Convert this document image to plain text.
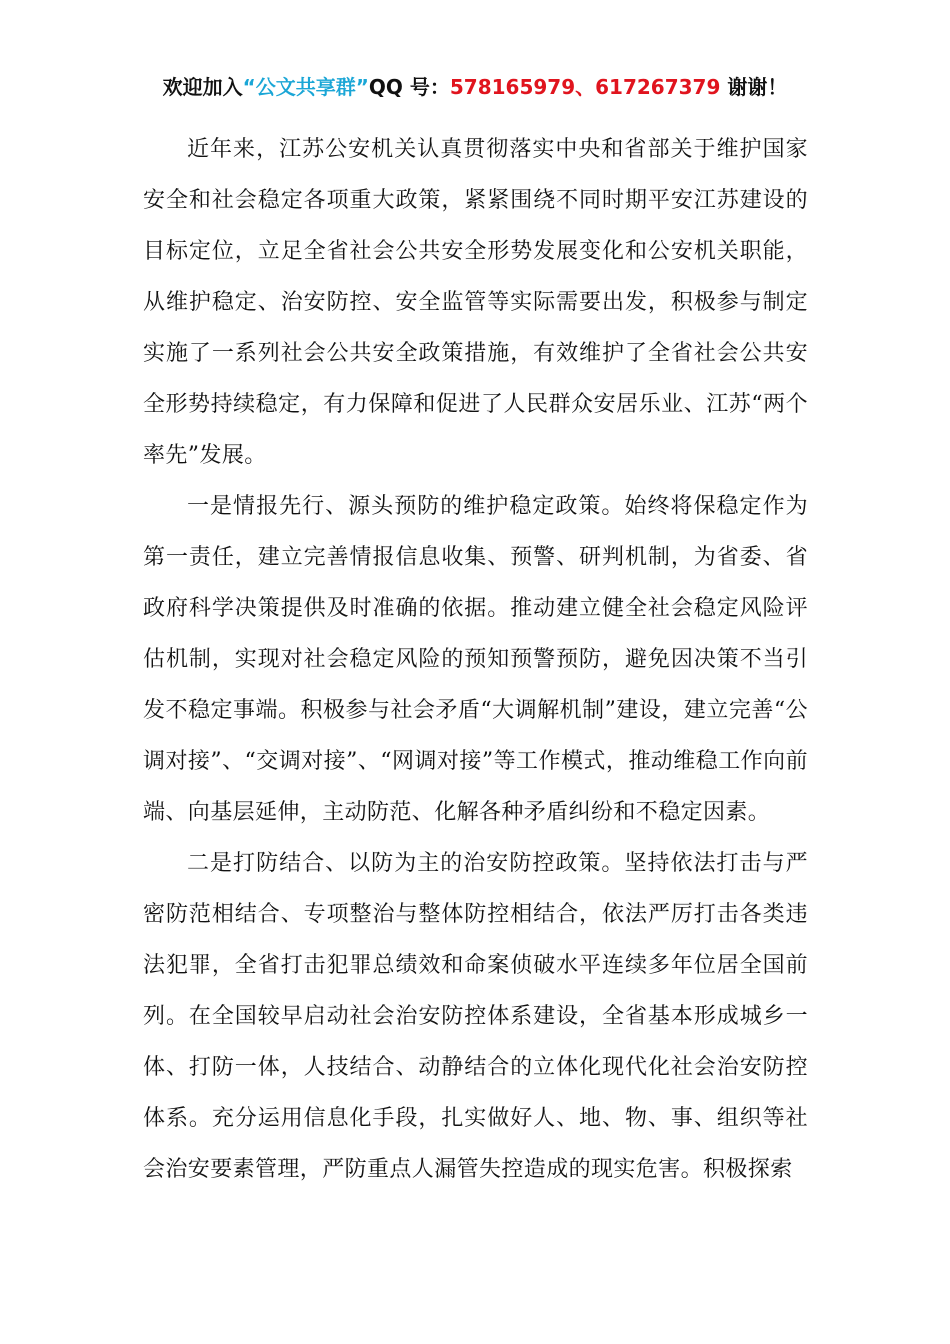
欢迎加入“公文共享群”QQ 号：578165979、617267379 谢谢！

近年来，江苏公安机关认真贯彻落实中央和省部关于维护国家安全和社会稳定各项重大政策，紧紧围绕不同时期平安江苏建设的目标定位，立足全省社会公共安全形势发展变化和公安机关职能，从维护稳定、治安防控、安全监管等实际需要出发，积极参与制定实施了一系列社会公共安全政策措施，有效维护了全省社会公共安全形势持续稳定，有力保障和促进了人民群众安居乐业、江苏“两个率先”发展。

一是情报先行、源头预防的维护稳定政策。始终将保稳定作为第一责任，建立完善情报信息收集、预警、研判机制，为省委、省政府科学决策提供及时准确的依据。推动建立健全社会稳定风险评估机制，实现对社会稳定风险的预知预警预防，避免因决策不当引发不稳定事端。积极参与社会矛盾“大调解机制”建设，建立完善“公调对接”、“交调对接”、“网调对接”等工作模式，推动维稳工作向前端、向基层延伸，主动防范、化解各种矛盾纠纷和不稳定因素。

二是打防结合、以防为主的治安防控政策。坚持依法打击与严密防范相结合、专项整治与整体防控相结合，依法严厉打击各类违法犯罪，全省打击犯罪总绩效和命案侦破水平连续多年位居全国前列。在全国较早启动社会治安防控体系建设，全省基本形成城乡一体、打防一体，人技结合、动静结合的立体化现代化社会治安防控体系。充分运用信息化手段，扎实做好人、地、物、事、组织等社会治安要素管理，严防重点人漏管失控造成的现实危害。积极探索
